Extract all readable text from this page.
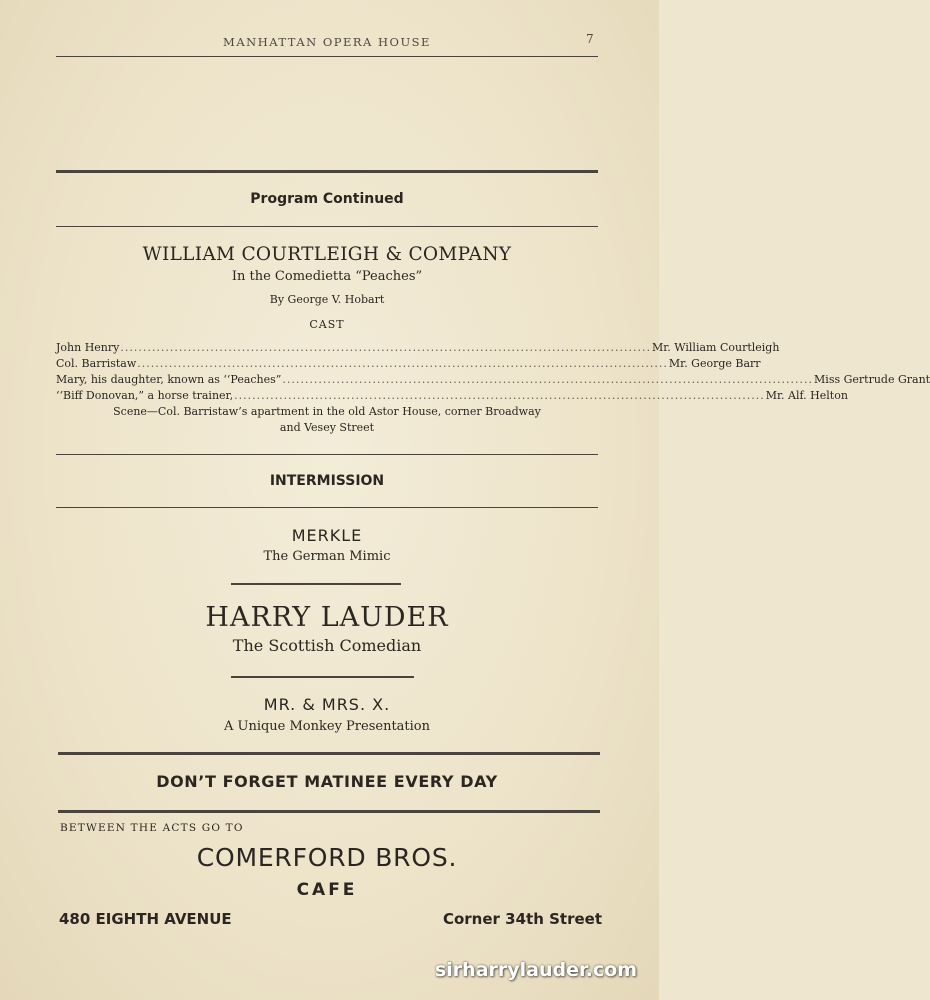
MANHATTAN OPERA HOUSE	7
Program Continued
WILLIAM COURTLEIGH & COMPANY
In the Comedietta “Peaches”
By George V. Hobart
CAST
John Henry ...................................................................................................................... Mr. William Courtleigh
Col. Barristaw ...................................................................................................................... Mr. George Barr
Mary, his daughter, known as ‘‘Peaches” ...................................................................................................................... Miss Gertrude Grant
‘‘Biff Donovan,” a horse trainer, ...................................................................................................................... Mr. Alf. Helton
Scene—Col. Barristaw’s apartment in the old Astor House, corner Broadway
and Vesey Street
INTERMISSION
MERKLE
The German Mimic
HARRY LAUDER
The Scottish Comedian
MR. & MRS. X.
A Unique Monkey Presentation
DON’T FORGET MATINEE EVERY DAY
BETWEEN THE ACTS GO TO
COMERFORD BROS.
CAFE
480 EIGHTH AVENUE	Corner 34th Street
sirharrylauder.com
